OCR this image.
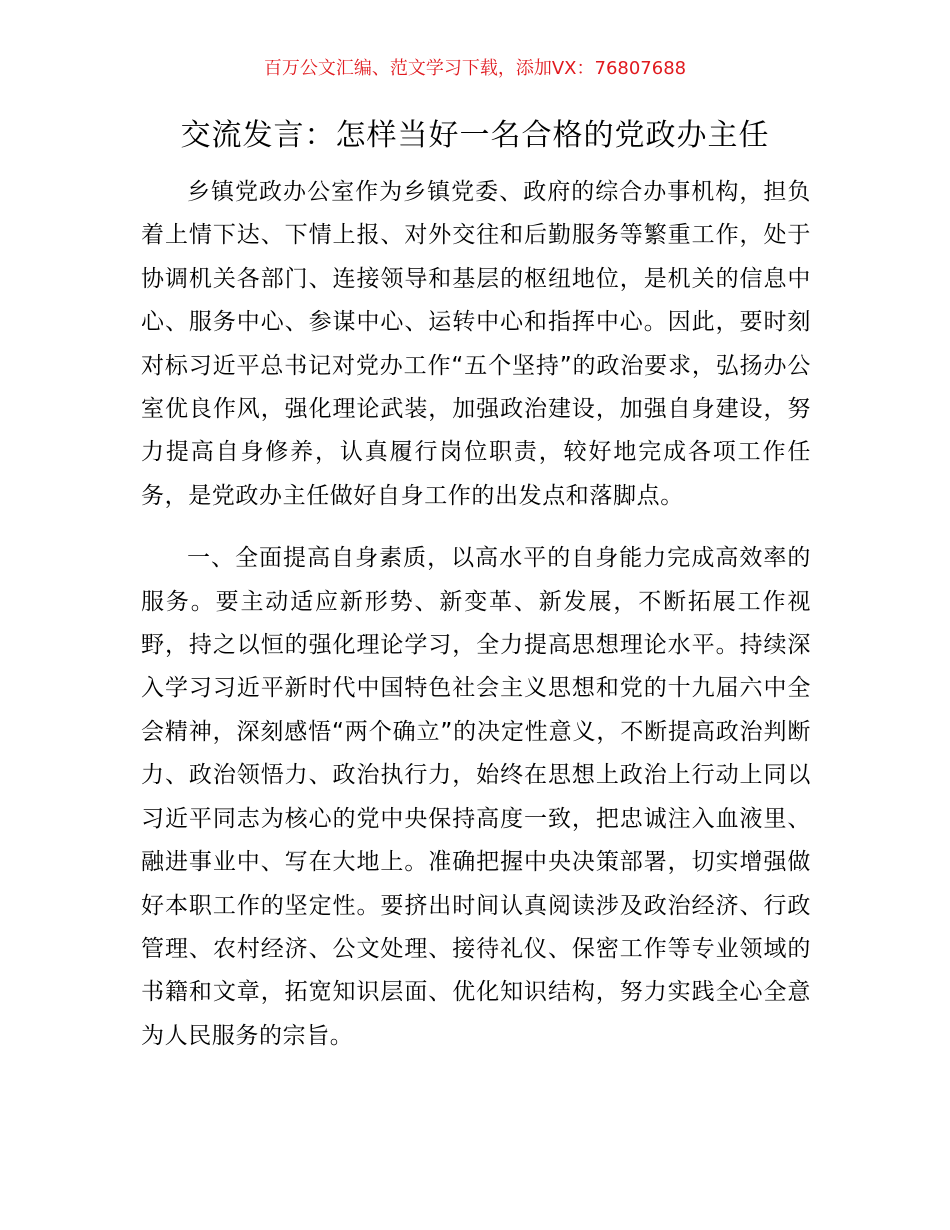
百万公文汇编、范文学习下载，添加VX：76807688
交流发言：怎样当好一名合格的党政办主任

乡镇党政办公室作为乡镇党委、政府的综合办事机构，担负着上情下达、下情上报、对外交往和后勤服务等繁重工作，处于协调机关各部门、连接领导和基层的枢纽地位，是机关的信息中心、服务中心、参谋中心、运转中心和指挥中心。因此，要时刻对标习近平总书记对党办工作“五个坚持”的政治要求，弘扬办公室优良作风，强化理论武装，加强政治建设，加强自身建设，努力提高自身修养，认真履行岗位职责，较好地完成各项工作任务，是党政办主任做好自身工作的出发点和落脚点。

一、全面提高自身素质，以高水平的自身能力完成高效率的服务。要主动适应新形势、新变革、新发展，不断拓展工作视野，持之以恒的强化理论学习，全力提高思想理论水平。持续深入学习习近平新时代中国特色社会主义思想和党的十九届六中全会精神，深刻感悟“两个确立”的决定性意义，不断提高政治判断力、政治领悟力、政治执行力，始终在思想上政治上行动上同以习近平同志为核心的党中央保持高度一致，把忠诚注入血液里、融进事业中、写在大地上。准确把握中央决策部署，切实增强做好本职工作的坚定性。要挤出时间认真阅读涉及政治经济、行政管理、农村经济、公文处理、接待礼仪、保密工作等专业领域的书籍和文章，拓宽知识层面、优化知识结构，努力实践全心全意为人民服务的宗旨。
